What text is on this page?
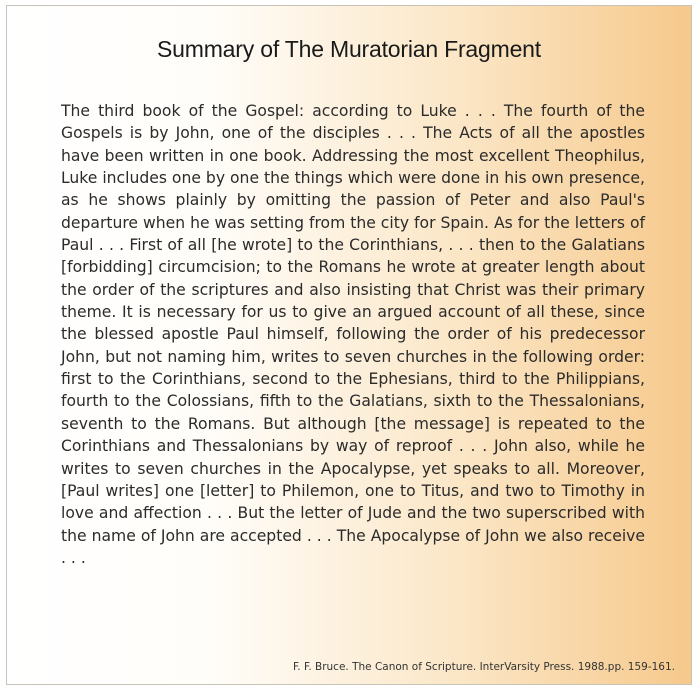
Summary of The Muratorian Fragment

The third book of the Gospel: according to Luke . . . The fourth of the Gospels is by John, one of the disciples . . . The Acts of all the apostles have been written in one book. Addressing the most excellent Theophilus, Luke includes one by one the things which were done in his own presence, as he shows plainly by omitting the passion of Peter and also Paul's departure when he was setting from the city for Spain. As for the letters of Paul . . . First of all [he wrote] to the Corinthians, . . . then to the Galatians [forbidding] circumcision; to the Romans he wrote at greater length about the order of the scriptures and also insisting that Christ was their primary theme. It is necessary for us to give an argued account of all these, since the blessed apostle Paul himself, following the order of his predecessor John, but not naming him, writes to seven churches in the following order: first to the Corinthians, second to the Ephesians, third to the Philippians, fourth to the Colossians, fifth to the Galatians, sixth to the Thessalonians, seventh to the Romans. But although [the message] is repeated to the Corinthians and Thessalonians by way of reproof . . . John also, while he writes to seven churches in the Apocalypse, yet speaks to all. Moreover, [Paul writes] one [letter] to Philemon, one to Titus, and two to Timothy in love and affection . . . But the letter of Jude and the two superscribed with the name of John are accepted . . . The Apocalypse of John we also receive . . .

F. F. Bruce. The Canon of Scripture. InterVarsity Press. 1988.pp. 159-161.
